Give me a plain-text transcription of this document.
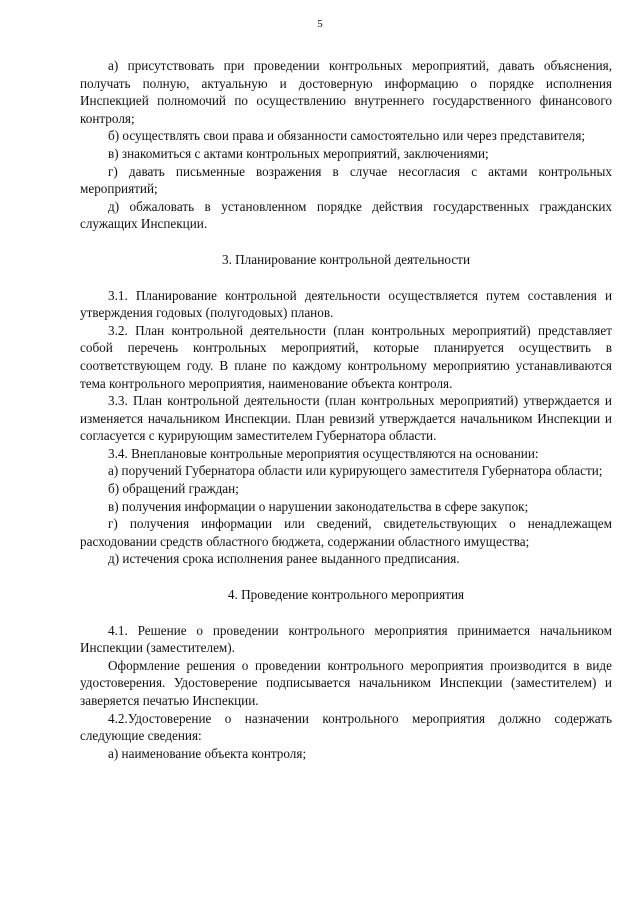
5

а) присутствовать при проведении контрольных мероприятий, давать объяснения, получать полную, актуальную и достоверную информацию о порядке исполнения Инспекцией полномочий по осуществлению внутреннего государственного финансового контроля;

б) осуществлять свои права и обязанности самостоятельно или через представителя;

в) знакомиться с актами контрольных мероприятий, заключениями;

г) давать письменные возражения в случае несогласия с актами контрольных мероприятий;

д) обжаловать в установленном порядке действия государственных гражданских служащих Инспекции.

3. Планирование контрольной деятельности

3.1. Планирование контрольной деятельности осуществляется путем составления и утверждения годовых (полугодовых) планов.

3.2. План контрольной деятельности (план контрольных мероприятий) представляет собой перечень контрольных мероприятий, которые планируется осуществить в соответствующем году. В плане по каждому контрольному мероприятию устанавливаются тема контрольного мероприятия, наименование объекта контроля.

3.3. План контрольной деятельности (план контрольных мероприятий) утверждается и изменяется начальником Инспекции. План ревизий утверждается начальником Инспекции и согласуется с курирующим заместителем Губернатора области.

3.4. Внеплановые контрольные мероприятия осуществляются на основании:

а) поручений Губернатора области или курирующего заместителя Губернатора области;

б) обращений граждан;

в) получения информации о нарушении законодательства в сфере закупок;

г) получения информации или сведений, свидетельствующих о ненадлежащем расходовании средств областного бюджета, содержании областного имущества;

д) истечения срока исполнения ранее выданного предписания.

4. Проведение контрольного мероприятия

4.1. Решение о проведении контрольного мероприятия принимается начальником Инспекции (заместителем).

Оформление решения о проведении контрольного мероприятия производится в виде удостоверения. Удостоверение подписывается начальником Инспекции (заместителем) и заверяется печатью Инспекции.

4.2.Удостоверение о назначении контрольного мероприятия должно содержать следующие сведения:

а) наименование объекта контроля;
